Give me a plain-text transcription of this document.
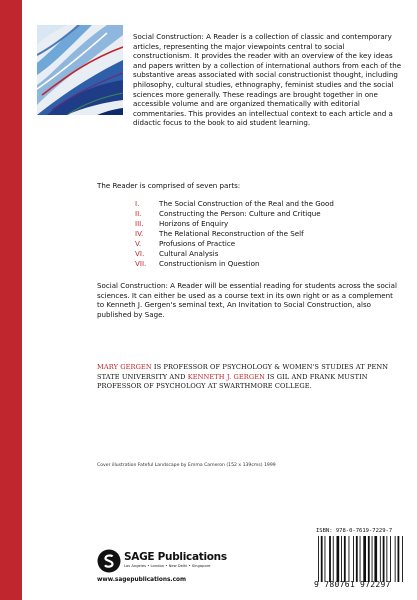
Social Construction: A Reader is a collection of classic and contemporary articles, representing the major viewpoints central to social constructionism. It provides the reader with an overview of the key ideas and papers written by a collection of international authors from each of the substantive areas associated with social constructionist thought, including philosophy, cultural studies, ethnography, feminist studies and the social sciences more generally. These readings are brought together in one accessible volume and are organized thematically with editorial commentaries. This provides an intellectual context to each article and a didactic focus to the book to aid student learning.

The Reader is comprised of seven parts:

I.	The Social Construction of the Real and the Good
II. Constructing the Person: Culture and Critique
III. Horizons of Enquiry
IV. The Relational Reconstruction of the Self
V.	Profusions of Practice
VI. Cultural Analysis
VII. Constructionism in Question

Social Construction: A Reader will be essential reading for students across the social sciences. It can either be used as a course text in its own right or as a complement to Kenneth J. Gergen's seminal text, An Invitation to Social Construction, also published by Sage.

MARY GERGEN IS PROFESSOR OF PSYCHOLOGY & WOMEN'S STUDIES AT PENN STATE UNIVERSITY AND KENNETH J. GERGEN IS GIL AND FRANK MUSTIN PROFESSOR OF PSYCHOLOGY AT SWARTHMORE COLLEGE.

Cover illustration Fateful Landscape by Emma Cameron (152 x 139cms) 1999

SAGE Publications
Los Angeles • London • New Delhi • Singapore
www.sagepublications.com
ISBN: 978-0-7619-7229-7
9 780761 972297
